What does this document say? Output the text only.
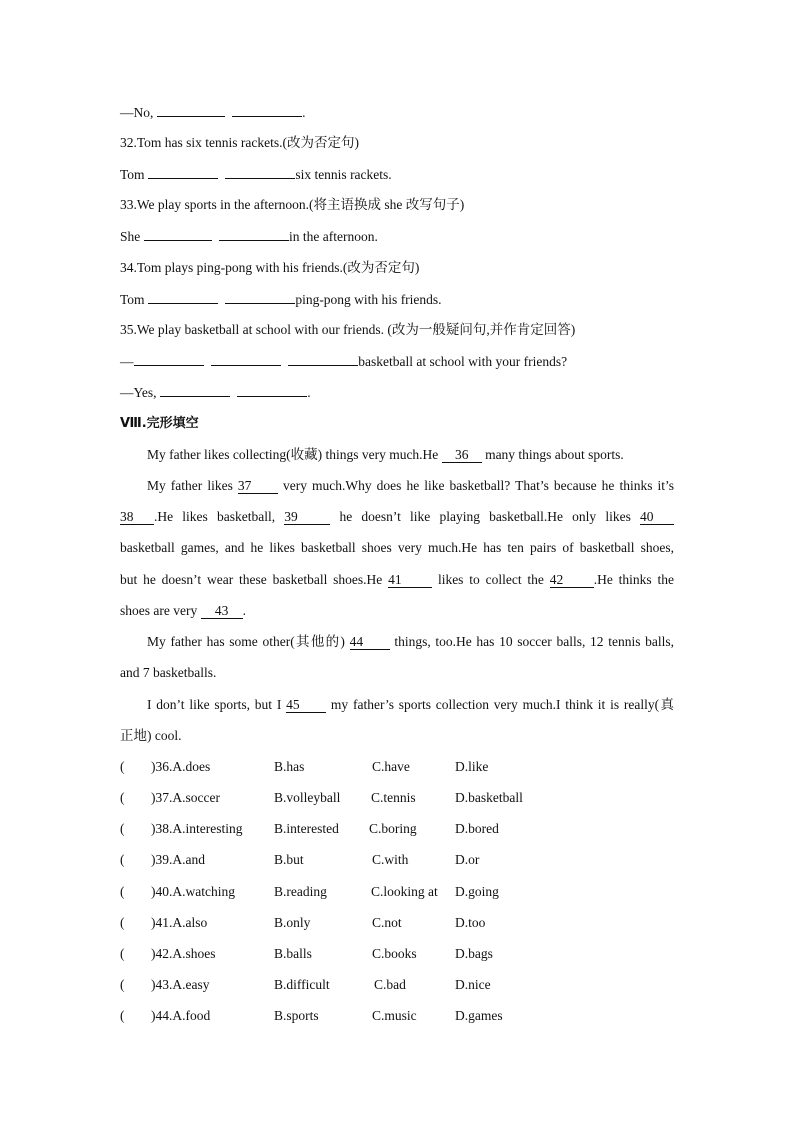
—No,	.
32.Tom has six tennis rackets.(改为否定句)
Tom	six tennis rackets.
33.We play sports in the afternoon.(将主语换成 she 改写句子)
She	in the afternoon.
34.Tom plays ping-pong with his friends.(改为否定句)
Tom	ping-pong with his friends.
35.We play basketball at school with our friends. (改为一般疑问句,并作肯定回答)
—	basketball at school with your friends?
—Yes,	.
Ⅷ.完形填空
My father likes collecting(收藏) things very much.He 36 many things about sports.
My father likes 37 very much.Why does he like basketball? That’s because he thinks it’s
38 .He likes basketball, 39	he doesn’t like playing basketball.He only likes 40
basketball games, and he likes basketball shoes very much.He has ten pairs of basketball shoes,
but he doesn’t wear these basketball shoes.He 41	likes to collect the 42 .He thinks the
shoes are very 43 .
My father has some other(其他的) 44 things, too.He has 10 soccer balls, 12 tennis balls,
and 7 basketballs.
I don’t like sports, but I 45 my father’s sports collection very much.I think it is really(真
正地) cool.
( )36.A.does	B.has	C.have	D.like
( )37.A.soccer	B.volleyball C.tennis	D.basketball
( )38.A.interesting B.interested C.boring	D.bored
( )39.A.and	B.but	C.with	D.or
( )40.A.watching	B.reading	C.looking at D.going
( )41.A.also	B.only	C.not	D.too
( )42.A.shoes	B.balls	C.books	D.bags
( )43.A.easy	B.difficult	C.bad	D.nice
( )44.A.food	B.sports	C.music	D.games
